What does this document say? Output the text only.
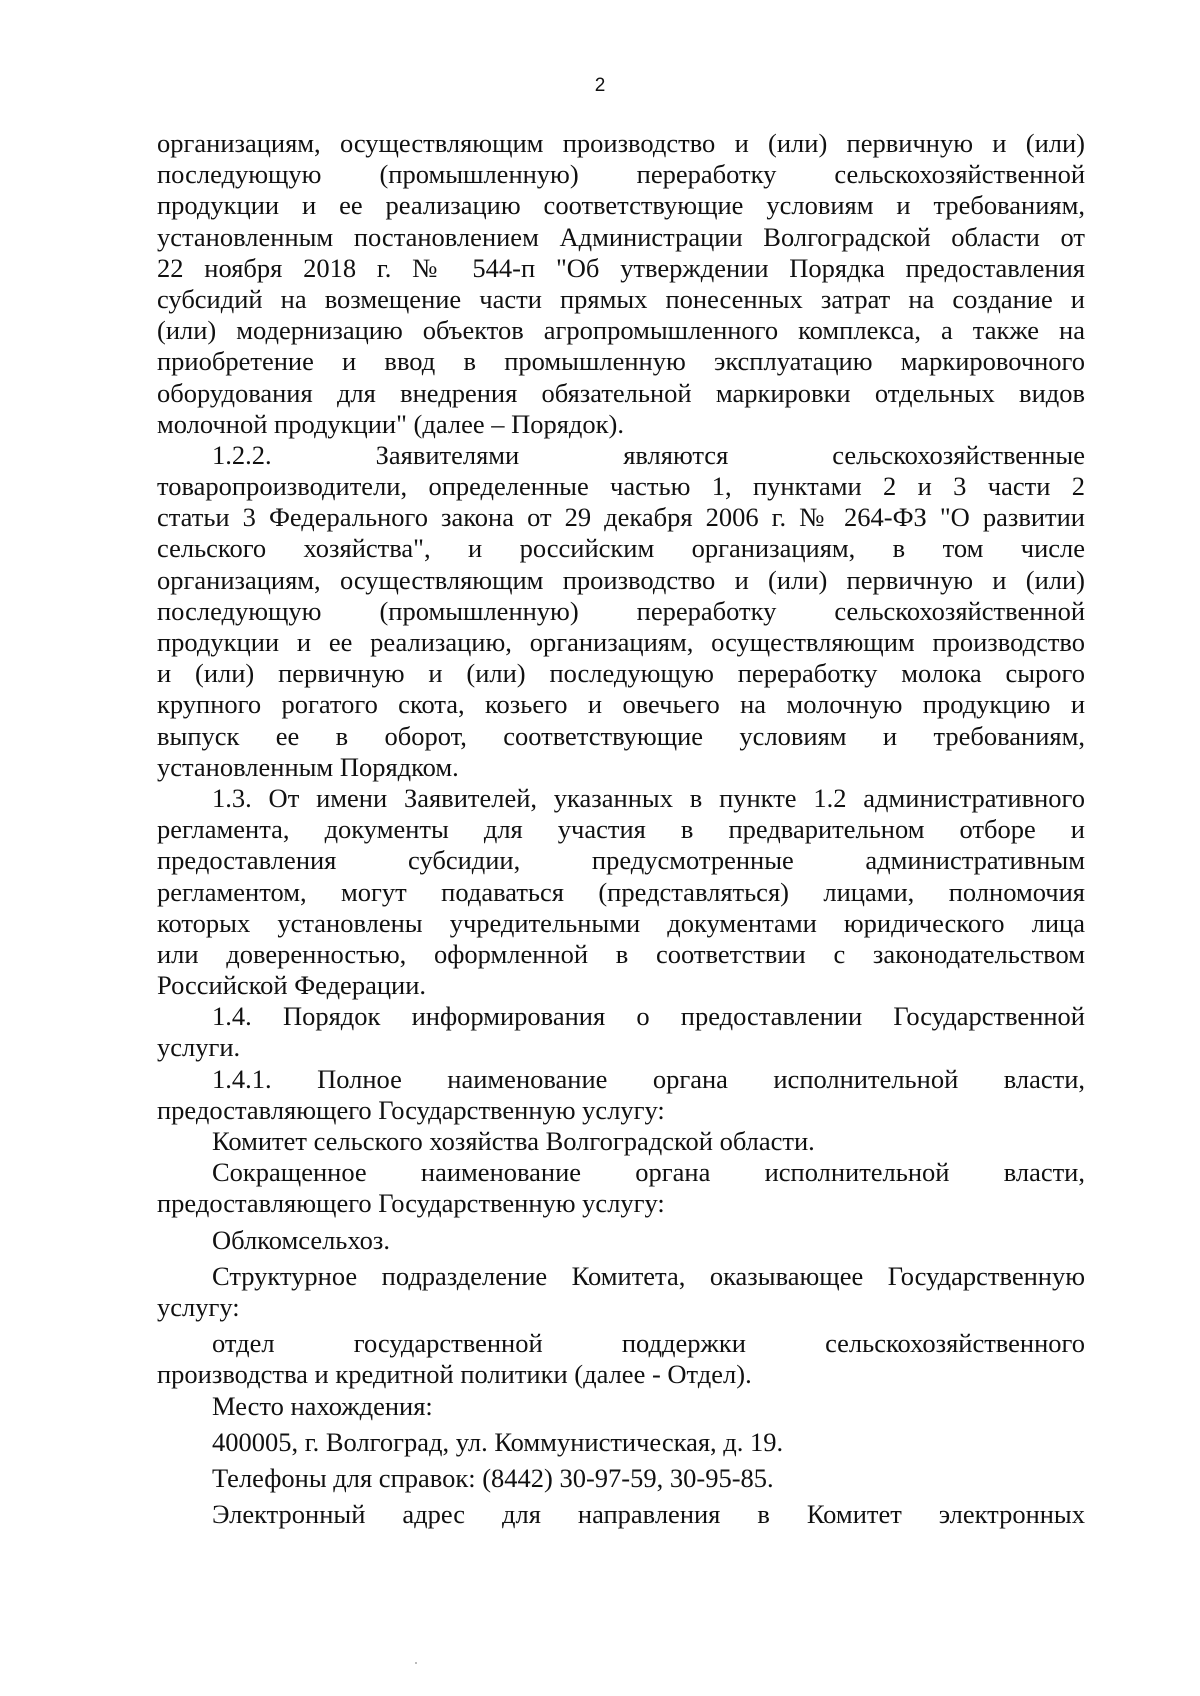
2
организациям, осуществляющим производство и (или) первичную и (или)
последующую (промышленную) переработку сельскохозяйственной
продукции и ее реализацию соответствующие условиям и требованиям,
установленным постановлением Администрации Волгоградской области от
22 ноября 2018 г. № 544-п "Об утверждении Порядка предоставления
субсидий на возмещение части прямых понесенных затрат на создание и
(или) модернизацию объектов агропромышленного комплекса, а также на
приобретение и ввод в промышленную эксплуатацию маркировочного
оборудования для внедрения обязательной маркировки отдельных видов
молочной продукции" (далее – Порядок).
1.2.2. Заявителями являются сельскохозяйственные
товаропроизводители, определенные частью 1, пунктами 2 и 3 части 2
статьи 3 Федерального закона от 29 декабря 2006 г. № 264-ФЗ "О развитии
сельского хозяйства", и российским организациям, в том числе
организациям, осуществляющим производство и (или) первичную и (или)
последующую (промышленную) переработку сельскохозяйственной
продукции и ее реализацию, организациям, осуществляющим производство
и (или) первичную и (или) последующую переработку молока сырого
крупного рогатого скота, козьего и овечьего на молочную продукцию и
выпуск ее в оборот, соответствующие условиям и требованиям,
установленным Порядком.
1.3. От имени Заявителей, указанных в пункте 1.2 административного
регламента, документы для участия в предварительном отборе и
предоставления субсидии, предусмотренные административным
регламентом, могут подаваться (представляться) лицами, полномочия
которых установлены учредительными документами юридического лица
или доверенностью, оформленной в соответствии с законодательством
Российской Федерации.
1.4. Порядок информирования о предоставлении Государственной
услуги.
1.4.1. Полное наименование органа исполнительной власти,
предоставляющего Государственную услугу:
Комитет сельского хозяйства Волгоградской области.
Сокращенное наименование органа исполнительной власти,
предоставляющего Государственную услугу:
Облкомсельхоз.
Структурное подразделение Комитета, оказывающее Государственную
услугу:
отдел государственной поддержки сельскохозяйственного
производства и кредитной политики (далее - Отдел).
Место нахождения:
400005, г. Волгоград, ул. Коммунистическая, д. 19.
Телефоны для справок: (8442) 30-97-59, 30-95-85.
Электронный адрес для направления в Комитет электронных
